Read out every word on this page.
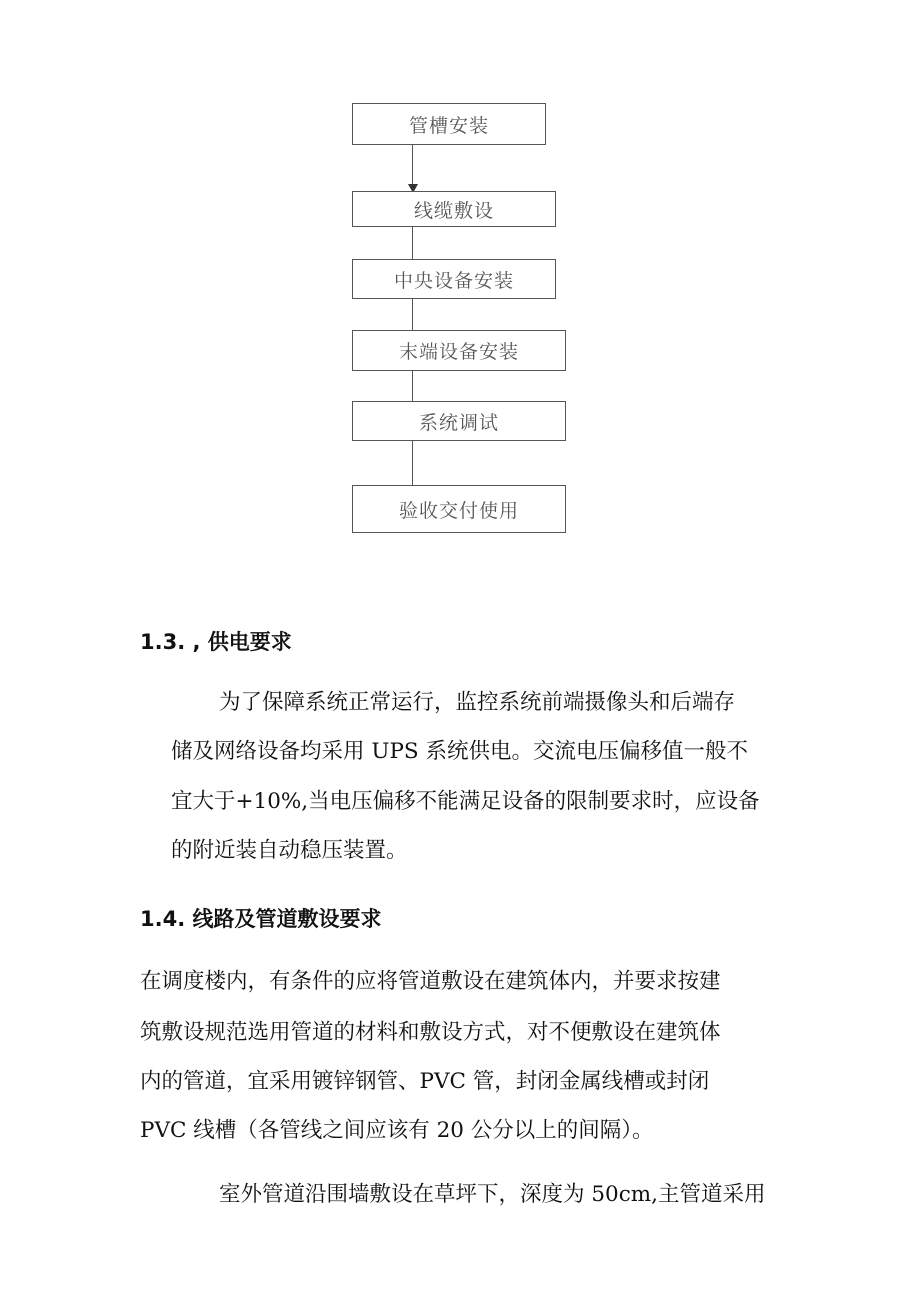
管槽安装
线缆敷设
中央设备安装
末端设备安装
系统调试
验收交付使用
1.3. , 供电要求
为了保障系统正常运行，监控系统前端摄像头和后端存
储及网络设备均采用 UPS 系统供电。交流电压偏移值一般不
宜大于+10%,当电压偏移不能满足设备的限制要求时，应设备
的附近装自动稳压装置。
1.4. 线路及管道敷设要求
在调度楼内，有条件的应将管道敷设在建筑体内，并要求按建
筑敷设规范选用管道的材料和敷设方式，对不便敷设在建筑体
内的管道，宜采用镀锌钢管、PVC 管，封闭金属线槽或封闭
PVC 线槽（各管线之间应该有 20 公分以上的间隔）。
室外管道沿围墙敷设在草坪下，深度为 50cm,主管道采用
